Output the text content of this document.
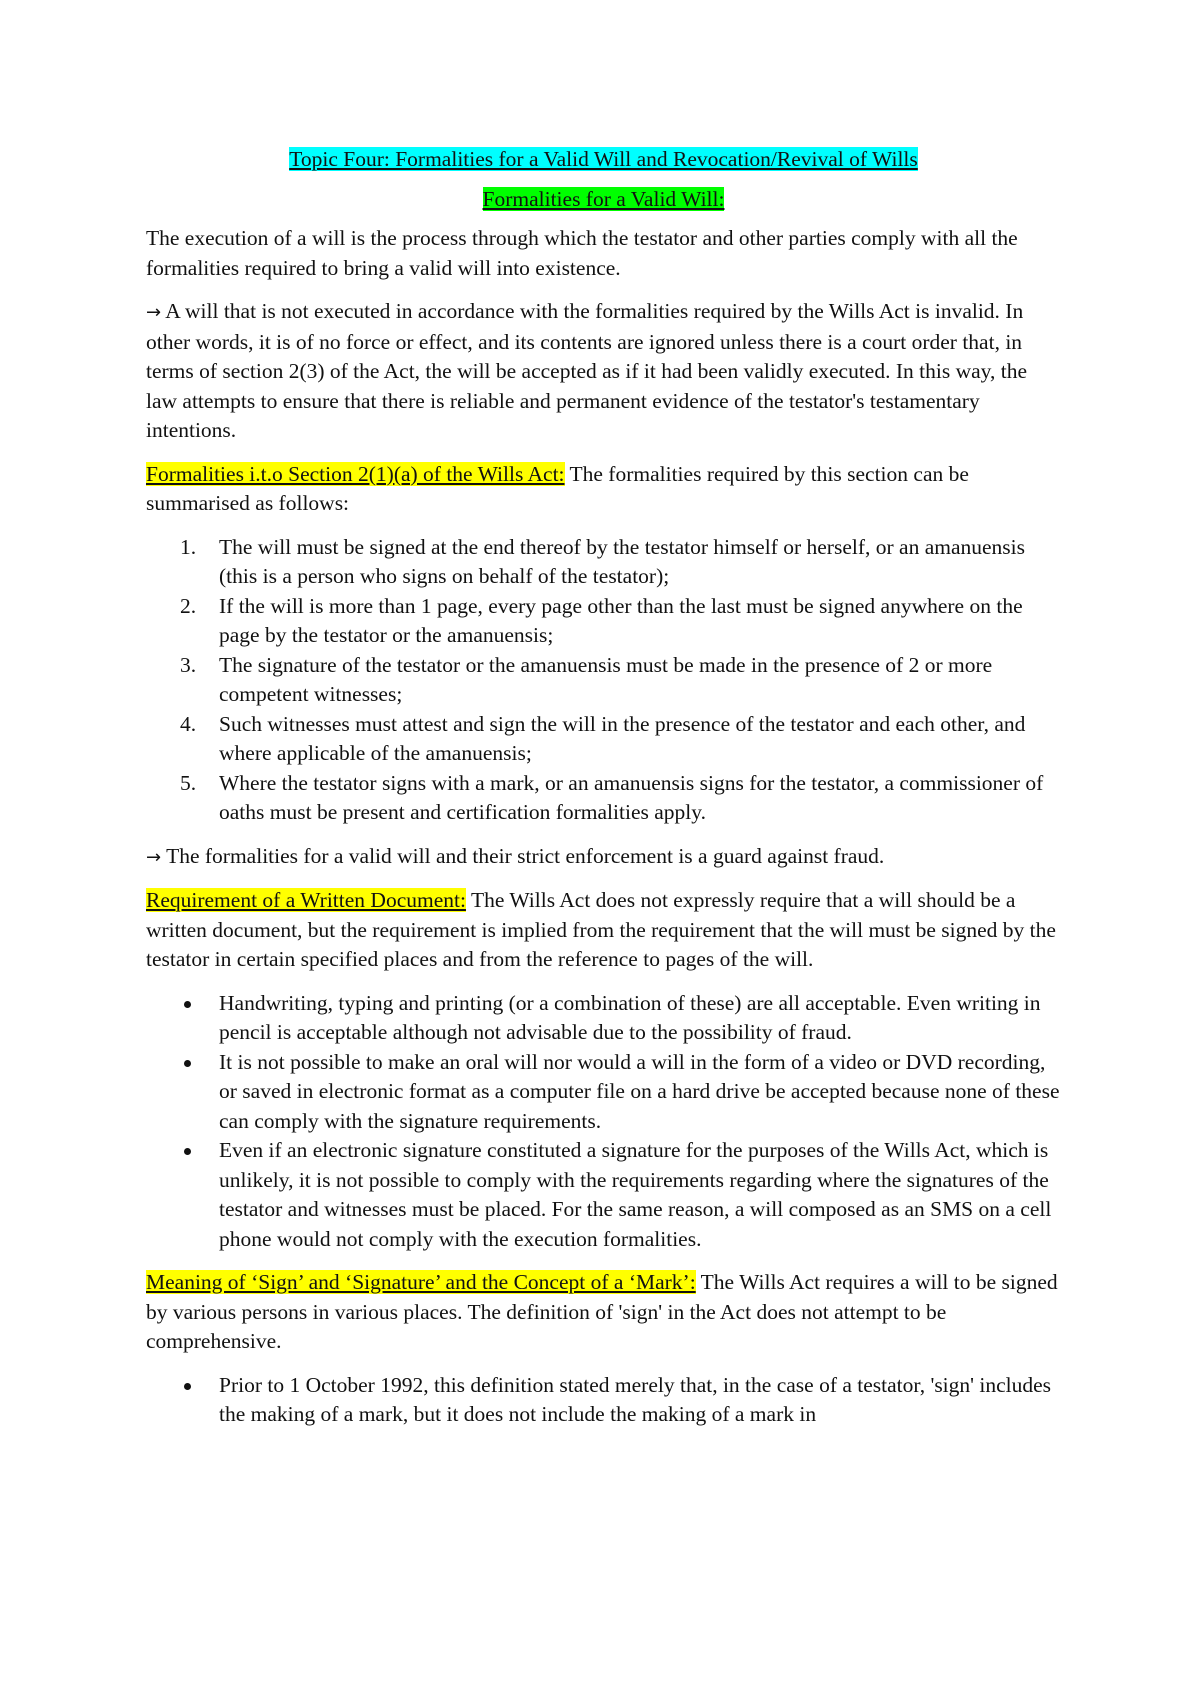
Topic Four: Formalities for a Valid Will and Revocation/Revival of Wills
Formalities for a Valid Will:

The execution of a will is the process through which the testator and other parties comply with all the formalities required to bring a valid will into existence.

→ A will that is not executed in accordance with the formalities required by the Wills Act is invalid. In other words, it is of no force or effect, and its contents are ignored unless there is a court order that, in terms of section 2(3) of the Act, the will be accepted as if it had been validly executed. In this way, the law attempts to ensure that there is reliable and permanent evidence of the testator's testamentary intentions.

Formalities i.t.o Section 2(1)(a) of the Wills Act: The formalities required by this section can be summarised as follows:

1.	The will must be signed at the end thereof by the testator himself or herself, or an amanuensis (this is a person who signs on behalf of the testator);
2.	If the will is more than 1 page, every page other than the last must be signed anywhere on the page by the testator or the amanuensis;
3.	The signature of the testator or the amanuensis must be made in the presence of 2 or more competent witnesses;
4.	Such witnesses must attest and sign the will in the presence of the testator and each other, and where applicable of the amanuensis;
5.	Where the testator signs with a mark, or an amanuensis signs for the testator, a commissioner of oaths must be present and certification formalities apply.

→ The formalities for a valid will and their strict enforcement is a guard against fraud.

Requirement of a Written Document: The Wills Act does not expressly require that a will should be a written document, but the requirement is implied from the requirement that the will must be signed by the testator in certain specified places and from the reference to pages of the will.

Handwriting, typing and printing (or a combination of these) are all acceptable. Even writing in pencil is acceptable although not advisable due to the possibility of fraud.
It is not possible to make an oral will nor would a will in the form of a video or DVD recording, or saved in electronic format as a computer file on a hard drive be accepted because none of these can comply with the signature requirements.
Even if an electronic signature constituted a signature for the purposes of the Wills Act, which is unlikely, it is not possible to comply with the requirements regarding where the signatures of the testator and witnesses must be placed. For the same reason, a will composed as an SMS on a cell phone would not comply with the execution formalities.

Meaning of ‘Sign’ and ‘Signature’ and the Concept of a ‘Mark’: The Wills Act requires a will to be signed by various persons in various places. The definition of 'sign' in the Act does not attempt to be comprehensive.

Prior to 1 October 1992, this definition stated merely that, in the case of a testator, 'sign' includes the making of a mark, but it does not include the making of a mark in
